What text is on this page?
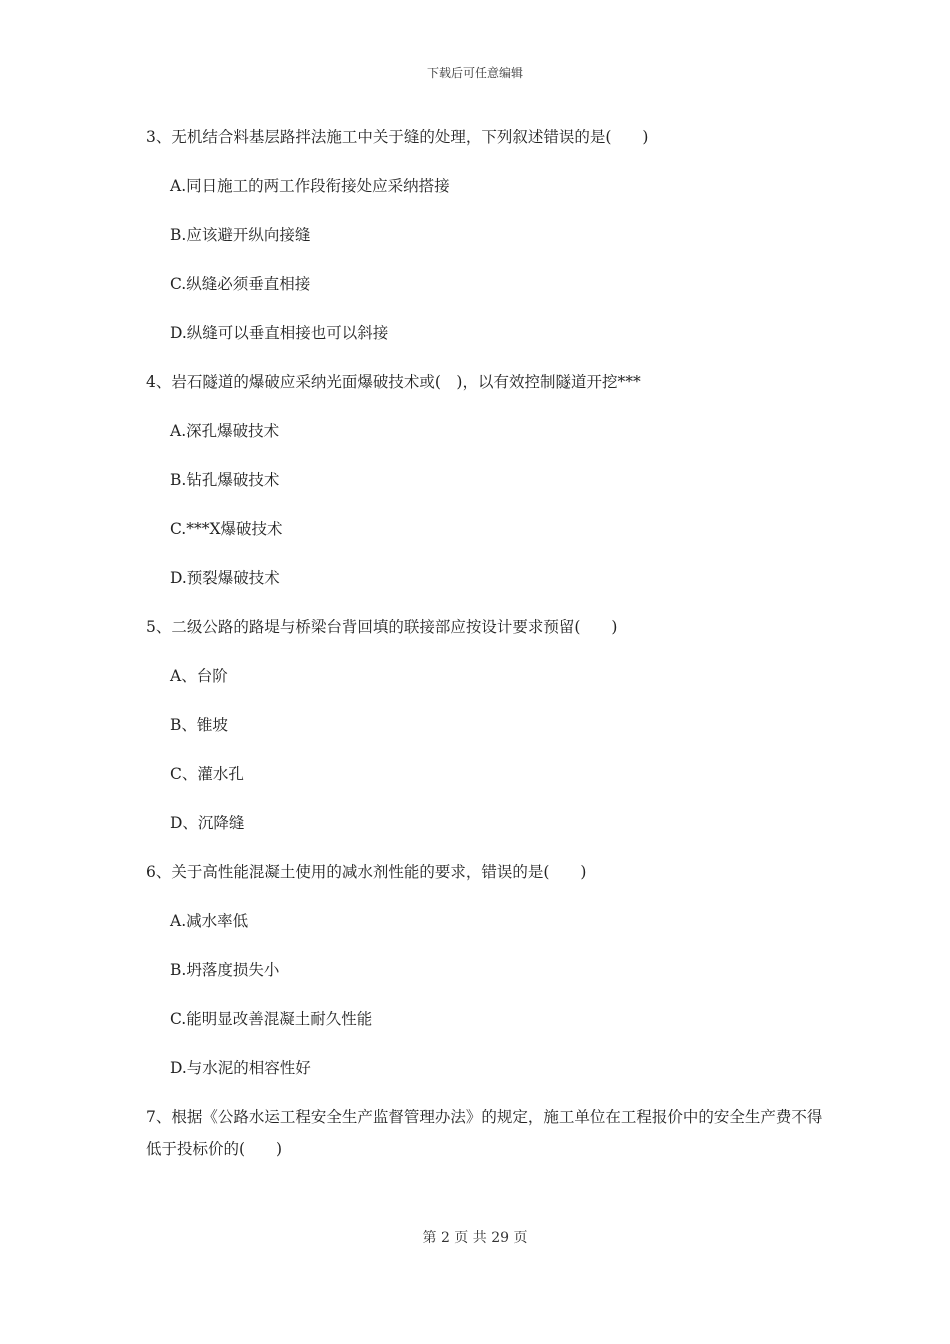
下载后可任意编辑

3、无机结合料基层路拌法施工中关于缝的处理，下列叙述错误的是(　　)

A.同日施工的两工作段衔接处应采纳搭接

B.应该避开纵向接缝

C.纵缝必须垂直相接

D.纵缝可以垂直相接也可以斜接

4、岩石隧道的爆破应采纳光面爆破技术或(　)，以有效控制隧道开挖***

A.深孔爆破技术

B.钻孔爆破技术

C.***X爆破技术

D.预裂爆破技术

5、二级公路的路堤与桥梁台背回填的联接部应按设计要求预留(　　)

A、台阶

B、锥坡

C、灌水孔

D、沉降缝

6、关于高性能混凝土使用的减水剂性能的要求，错误的是(　　)

A.减水率低

B.坍落度损失小

C.能明显改善混凝土耐久性能

D.与水泥的相容性好

7、根据《公路水运工程安全生产监督管理办法》的规定，施工单位在工程报价中的安全生产费不得低于投标价的(　　)

第 2 页 共 29 页
